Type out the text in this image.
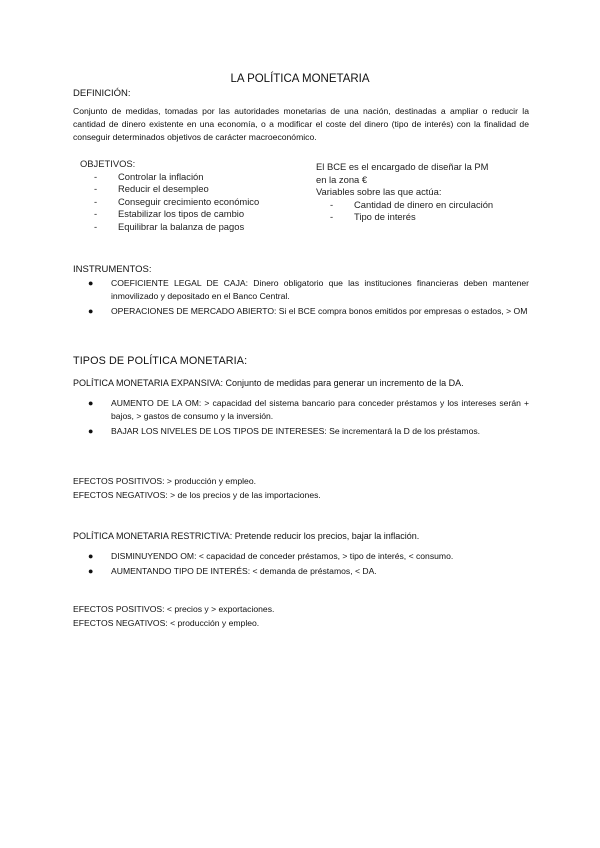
LA POLÍTICA MONETARIA
DEFINICIÓN:
Conjunto de medidas, tomadas por las autoridades monetarias de una nación, destinadas a ampliar o reducir la cantidad de dinero existente en una economía, o a modificar el coste del dinero (tipo de interés) con la finalidad de conseguir determinados objetivos de carácter macroeconómico.
OBJETIVOS:
- Controlar la inflación
- Reducir el desempleo
- Conseguir crecimiento económico
- Estabilizar los tipos de cambio
- Equilibrar la balanza de pagos
El BCE es el encargado de diseñar la PM
en la zona €
Variables sobre las que actúa:
- Cantidad de dinero en circulación
- Tipo de interés
INSTRUMENTOS:
● COEFICIENTE LEGAL DE CAJA: Dinero obligatorio que las instituciones financieras deben mantener inmovilizado y depositado en el Banco Central.
● OPERACIONES DE MERCADO ABIERTO: Si el BCE compra bonos emitidos por empresas o estados, > OM
TIPOS DE POLÍTICA MONETARIA:
POLÍTICA MONETARIA EXPANSIVA: Conjunto de medidas para generar un incremento de la DA.
● AUMENTO DE LA OM: > capacidad del sistema bancario para conceder préstamos y los intereses serán + bajos, > gastos de consumo y la inversión.
● BAJAR LOS NIVELES DE LOS TIPOS DE INTERESES: Se incrementará la D de los préstamos.
EFECTOS POSITIVOS: > producción y empleo.
EFECTOS NEGATIVOS: > de los precios y de las importaciones.
POLÍTICA MONETARIA RESTRICTIVA: Pretende reducir los precios, bajar la inflación.
● DISMINUYENDO OM: < capacidad de conceder préstamos, > tipo de interés, < consumo.
● AUMENTANDO TIPO DE INTERÉS: < demanda de préstamos, < DA.
EFECTOS POSITIVOS: < precios y > exportaciones.
EFECTOS NEGATIVOS: < producción y empleo.
